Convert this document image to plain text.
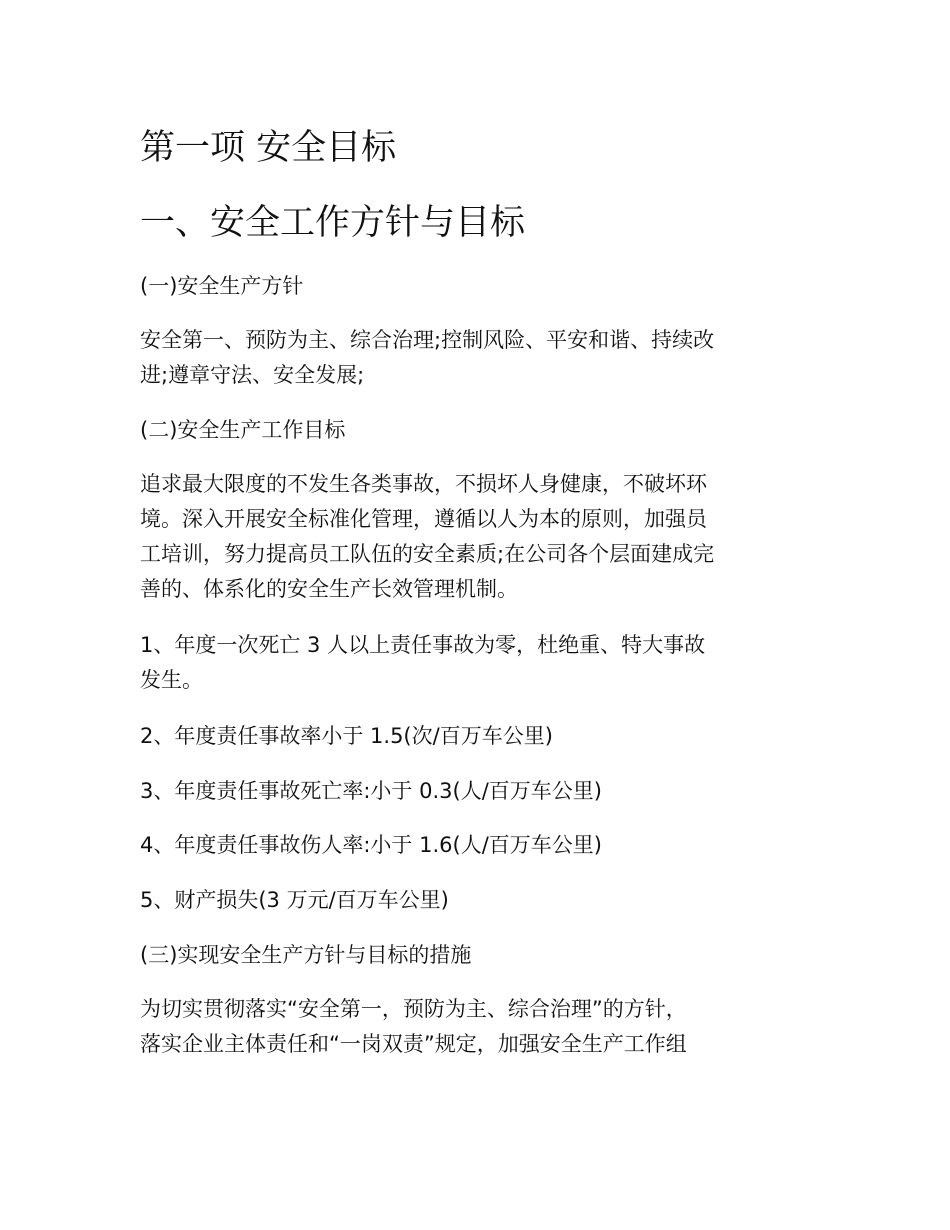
第一项 安全目标
一、安全工作方针与目标

(一)安全生产方针

安全第一、预防为主、综合治理;控制风险、平安和谐、持续改
进;遵章守法、安全发展;

(二)安全生产工作目标

追求最大限度的不发生各类事故，不损坏人身健康，不破坏环
境。深入开展安全标准化管理，遵循以人为本的原则，加强员
工培训，努力提高员工队伍的安全素质;在公司各个层面建成完
善的、体系化的安全生产长效管理机制。

1、年度一次死亡 3 人以上责任事故为零，杜绝重、特大事故
发生。

2、年度责任事故率小于 1.5(次/百万车公里)

3、年度责任事故死亡率:小于 0.3(人/百万车公里)

4、年度责任事故伤人率:小于 1.6(人/百万车公里)

5、财产损失(3 万元/百万车公里)

(三)实现安全生产方针与目标的措施

为切实贯彻落实“安全第一，预防为主、综合治理”的方针，
落实企业主体责任和“一岗双责”规定，加强安全生产工作组
